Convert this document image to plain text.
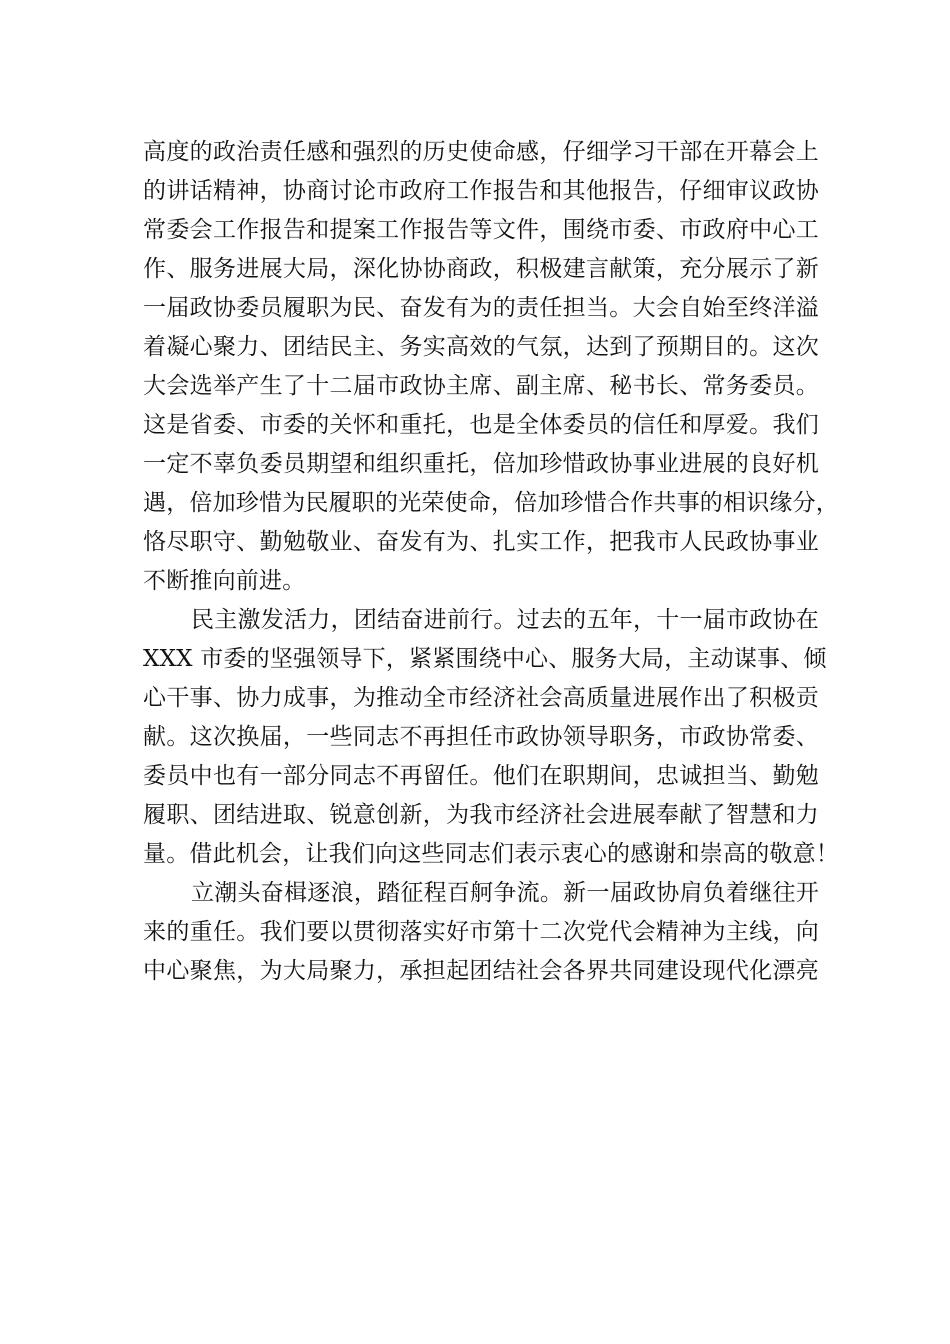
高度的政治责任感和强烈的历史使命感，仔细学习干部在开幕会上
的讲话精神，协商讨论市政府工作报告和其他报告，仔细审议政协
常委会工作报告和提案工作报告等文件，围绕市委、市政府中心工
作、服务进展大局，深化协协商政，积极建言献策，充分展示了新
一届政协委员履职为民、奋发有为的责任担当。大会自始至终洋溢
着凝心聚力、团结民主、务实高效的气氛，达到了预期目的。这次
大会选举产生了十二届市政协主席、副主席、秘书长、常务委员。
这是省委、市委的关怀和重托，也是全体委员的信任和厚爱。我们
一定不辜负委员期望和组织重托，倍加珍惜政协事业进展的良好机
遇，倍加珍惜为民履职的光荣使命，倍加珍惜合作共事的相识缘分，
恪尽职守、勤勉敬业、奋发有为、扎实工作，把我市人民政协事业
不断推向前进。
民主激发活力，团结奋进前行。过去的五年，十一届市政协在
XXX 市委的坚强领导下，紧紧围绕中心、服务大局，主动谋事、倾
心干事、协力成事，为推动全市经济社会高质量进展作出了积极贡
献。这次换届，一些同志不再担任市政协领导职务，市政协常委、
委员中也有一部分同志不再留任。他们在职期间，忠诚担当、勤勉
履职、团结进取、锐意创新，为我市经济社会进展奉献了智慧和力
量。借此机会，让我们向这些同志们表示衷心的感谢和崇高的敬意！
立潮头奋楫逐浪，踏征程百舸争流。新一届政协肩负着继往开
来的重任。我们要以贯彻落实好市第十二次党代会精神为主线，向
中心聚焦，为大局聚力，承担起团结社会各界共同建设现代化漂亮
